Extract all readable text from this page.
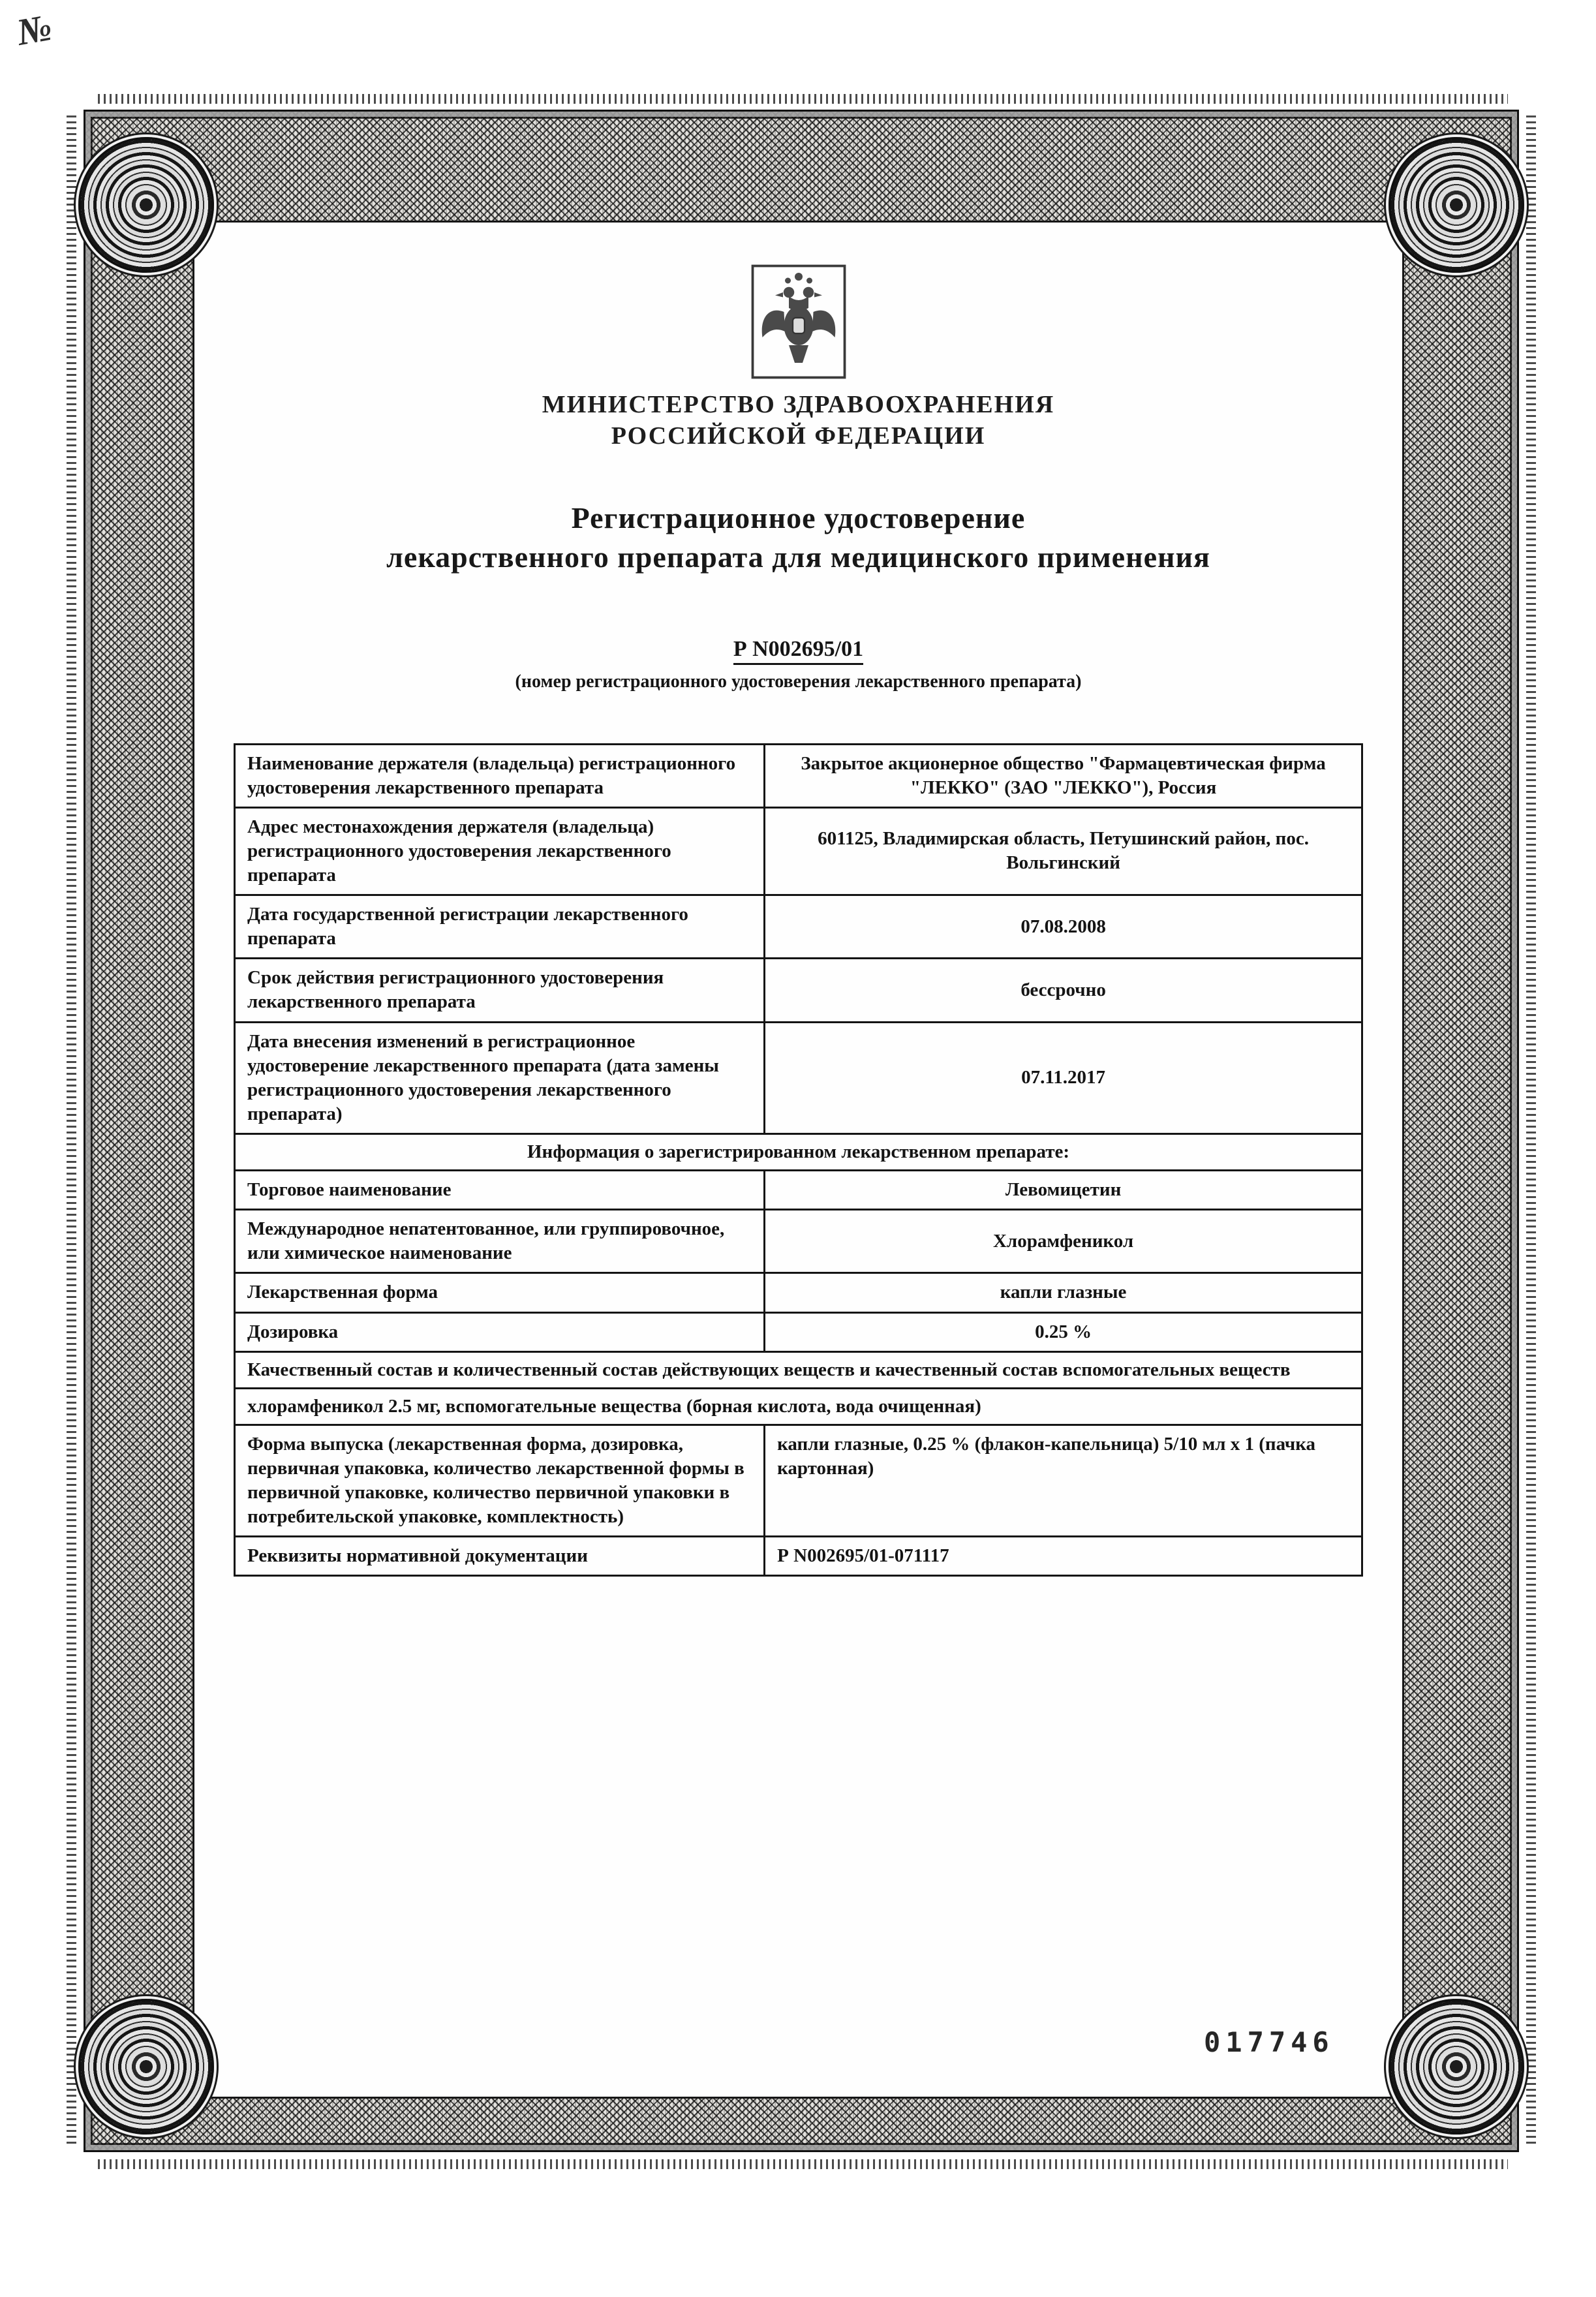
№
МИНИСТЕРСТВО ЗДРАВООХРАНЕНИЯ
РОССИЙСКОЙ ФЕДЕРАЦИИ
Регистрационное удостоверение
лекарственного препарата для медицинского применения
Р N002695/01
(номер регистрационного удостоверения лекарственного препарата)
Наименование держателя (владельца) регистрационного удостоверения лекарственного препарата	Закрытое акционерное общество "Фармацевтическая фирма "ЛЕККО" (ЗАО "ЛЕККО"), Россия
Адрес местонахождения держателя (владельца) регистрационного удостоверения лекарственного препарата	601125, Владимирская область, Петушинский район, пос. Вольгинский
Дата государственной регистрации лекарственного препарата	07.08.2008
Срок действия регистрационного удостоверения лекарственного препарата	бессрочно
Дата внесения изменений в регистрационное удостоверение лекарственного препарата (дата замены регистрационного удостоверения лекарственного препарата)	07.11.2017
Информация о зарегистрированном лекарственном препарате:	
Торговое наименование	Левомицетин
Международное непатентованное, или группировочное, или химическое наименование	Хлорамфеникол
Лекарственная форма	капли глазные
Дозировка	0.25 %
Качественный состав и количественный состав действующих веществ и качественный состав вспомогательных веществ	
хлорамфеникол 2.5 мг, вспомогательные вещества (борная кислота, вода очищенная)	
Форма выпуска (лекарственная форма, дозировка, первичная упаковка, количество лекарственной формы в первичной упаковке, количество первичной упаковки в потребительской упаковке, комплектность)	капли глазные, 0.25 % (флакон-капельница) 5/10 мл х 1 (пачка картонная)
Реквизиты нормативной документации	Р N002695/01-071117
017746
